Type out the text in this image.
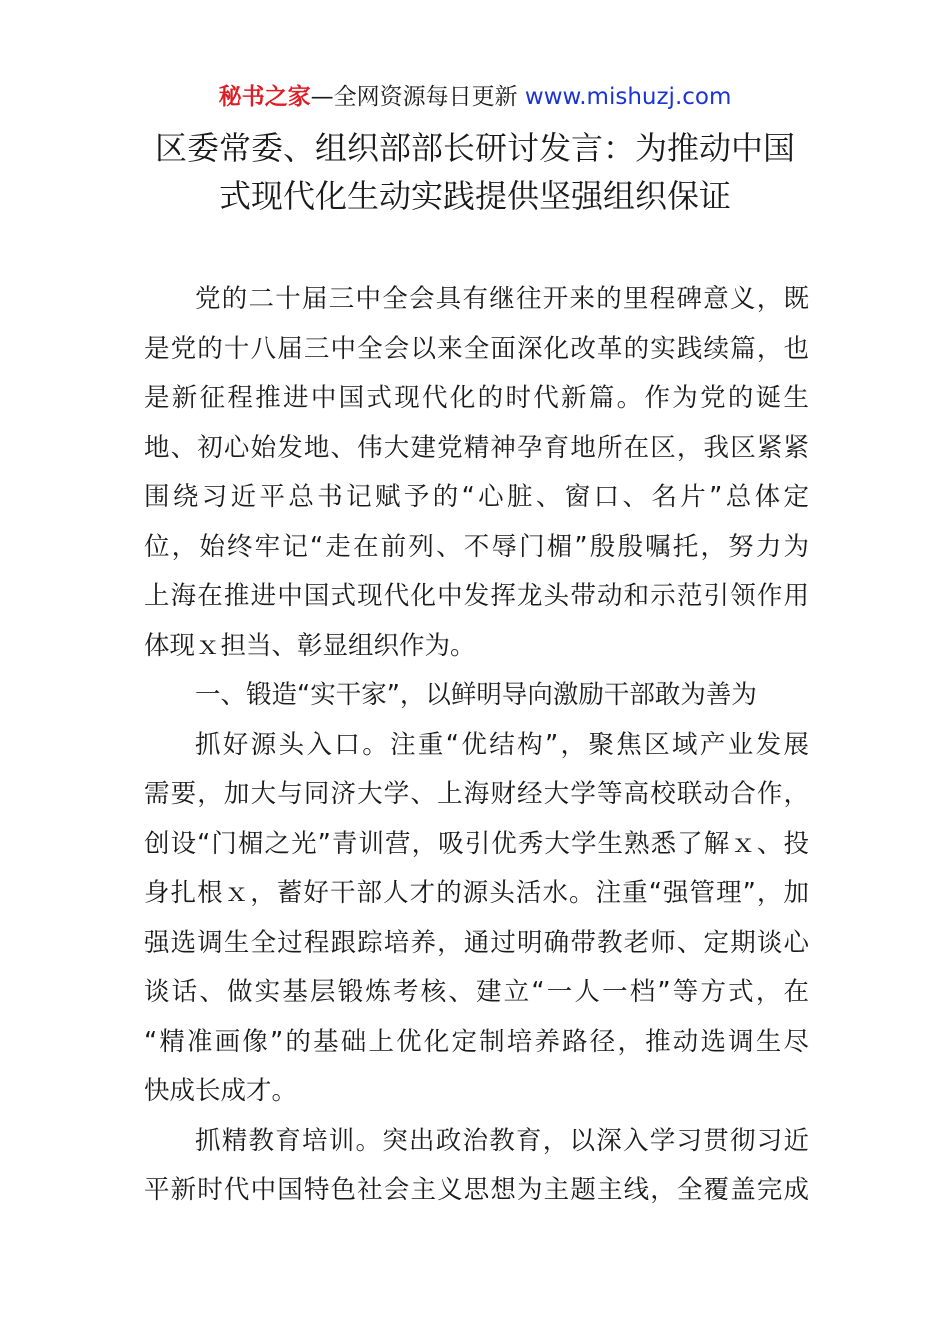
秘书之家—全网资源每日更新 www.mishuzj.com
区委常委、组织部部长研讨发言：为推动中国
式现代化生动实践提供坚强组织保证
党的二十届三中全会具有继往开来的里程碑意义，既
是党的十八届三中全会以来全面深化改革的实践续篇，也
是新征程推进中国式现代化的时代新篇。作为党的诞生
地、初心始发地、伟大建党精神孕育地所在区，我区紧紧
围绕习近平总书记赋予的“心脏、窗口、名片”总体定
位，始终牢记“走在前列、不辱门楣”殷殷嘱托，努力为
上海在推进中国式现代化中发挥龙头带动和示范引领作用
体现ｘ担当、彰显组织作为。
一、锻造“实干家”，以鲜明导向激励干部敢为善为
抓好源头入口。注重“优结构”，聚焦区域产业发展
需要，加大与同济大学、上海财经大学等高校联动合作，
创设“门楣之光”青训营，吸引优秀大学生熟悉了解ｘ、投
身扎根ｘ，蓄好干部人才的源头活水。注重“强管理”，加
强选调生全过程跟踪培养，通过明确带教老师、定期谈心
谈话、做实基层锻炼考核、建立“一人一档”等方式，在
“精准画像”的基础上优化定制培养路径，推动选调生尽
快成长成才。
抓精教育培训。突出政治教育，以深入学习贯彻习近
平新时代中国特色社会主义思想为主题主线，全覆盖完成
